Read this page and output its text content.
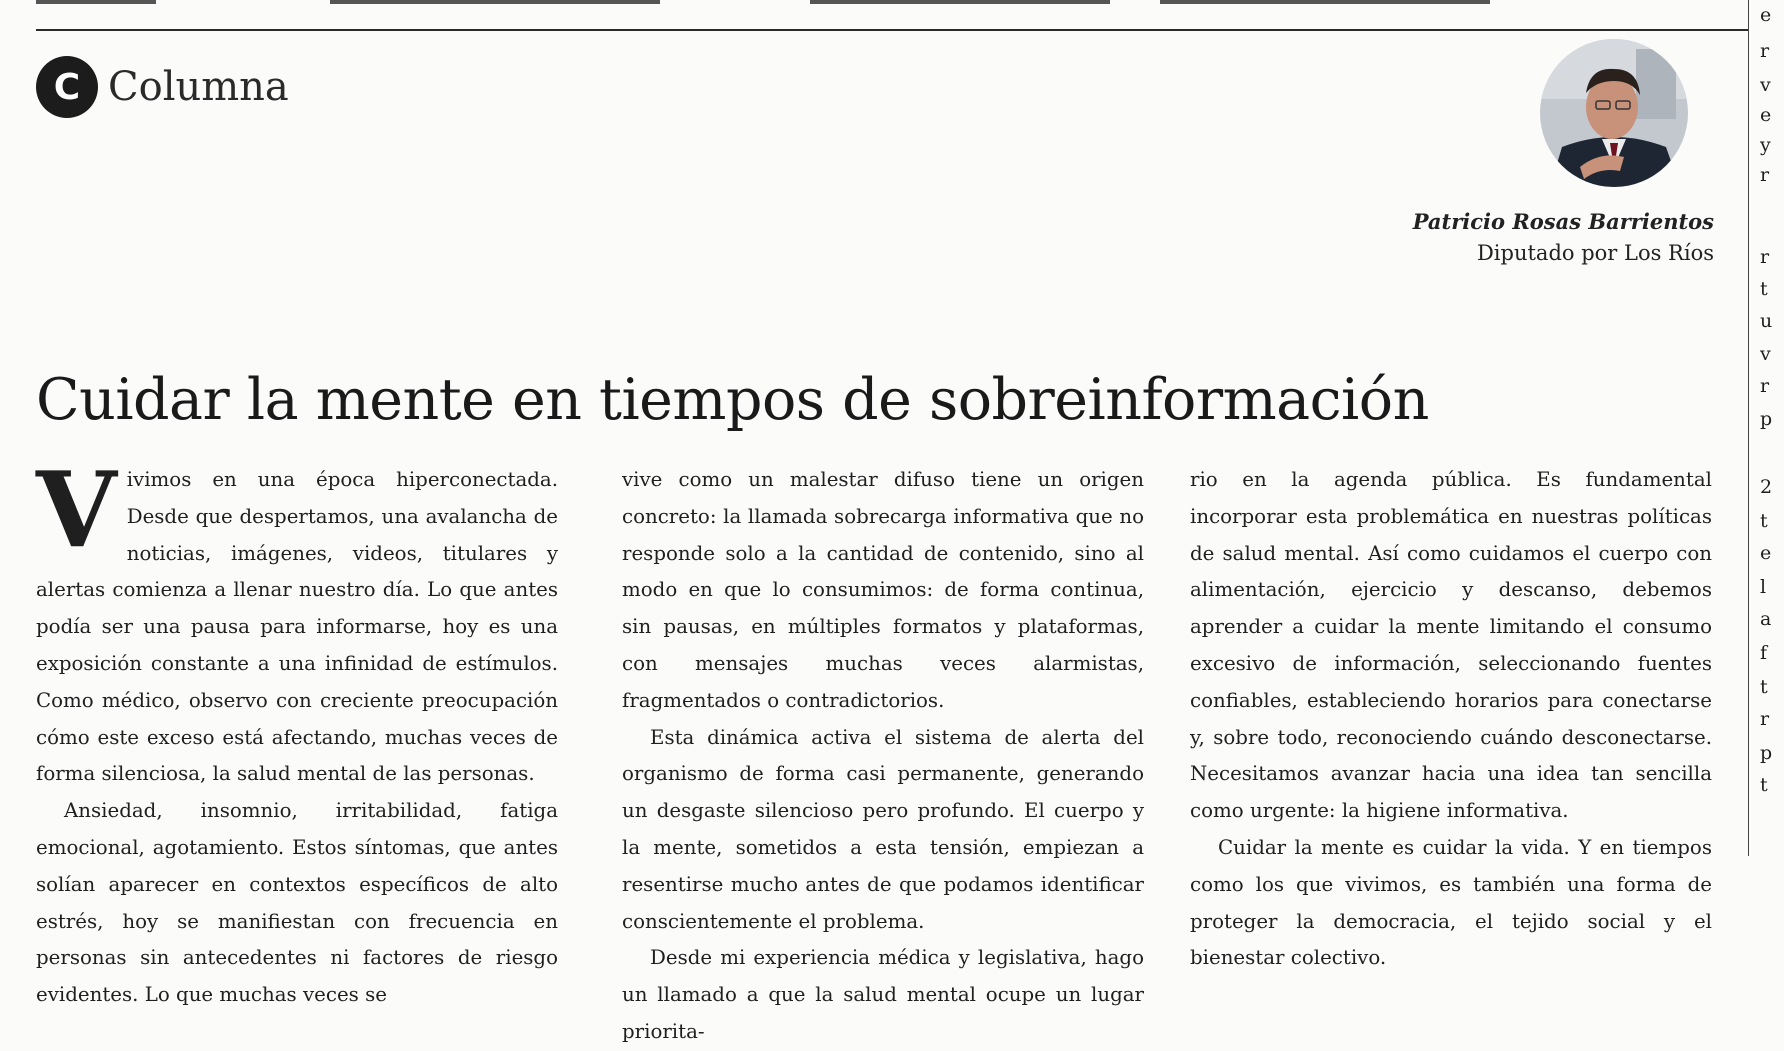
C Columna
Patricio Rosas Barrientos
Diputado por Los Ríos
Cuidar la mente en tiempos de sobreinformación

Vivimos en una época hiperconectada. Desde que despertamos, una avalancha de noticias, imágenes, videos, titulares y alertas comienza a llenar nuestro día. Lo que antes podía ser una pausa para informarse, hoy es una exposición constante a una infinidad de estímulos. Como médico, observo con creciente preocupación cómo este exceso está afectando, muchas veces de forma silenciosa, la salud mental de las personas.

Ansiedad, insomnio, irritabilidad, fatiga emocional, agotamiento. Estos síntomas, que antes solían aparecer en contextos específicos de alto estrés, hoy se manifiestan con frecuencia en personas sin antecedentes ni factores de riesgo evidentes. Lo que muchas veces se

vive como un malestar difuso tiene un origen concreto: la llamada sobrecarga informativa que no responde solo a la cantidad de contenido, sino al modo en que lo consumimos: de forma continua, sin pausas, en múltiples formatos y plataformas, con mensajes muchas veces alarmistas, fragmentados o contradictorios.

Esta dinámica activa el sistema de alerta del organismo de forma casi permanente, generando un desgaste silencioso pero profundo. El cuerpo y la mente, sometidos a esta tensión, empiezan a resentirse mucho antes de que podamos identificar conscientemente el problema.

Desde mi experiencia médica y legislativa, hago un llamado a que la salud mental ocupe un lugar priorita-

rio en la agenda pública. Es fundamental incorporar esta problemática en nuestras políticas de salud mental. Así como cuidamos el cuerpo con alimentación, ejercicio y descanso, debemos aprender a cuidar la mente limitando el consumo excesivo de información, seleccionando fuentes confiables, estableciendo horarios para conectarse y, sobre todo, reconociendo cuándo desconectarse. Necesitamos avanzar hacia una idea tan sencilla como urgente: la higiene informativa.

Cuidar la mente es cuidar la vida. Y en tiempos como los que vivimos, es también una forma de proteger la democracia, el tejido social y el bienestar colectivo.

e
r
v
e
y
r
r
t
u
v
r
p
2
t
e
l
a
f
t
r
p
t
